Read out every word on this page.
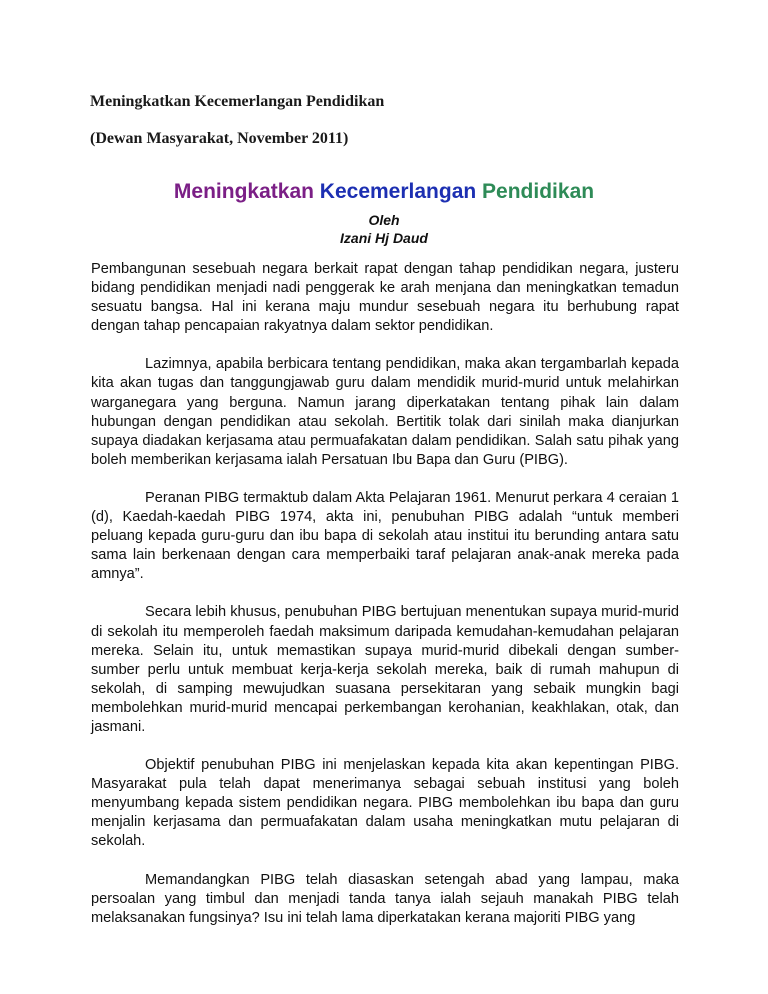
Meningkatkan Kecemerlangan Pendidikan
(Dewan Masyarakat, November 2011)
Meningkatkan Kecemerlangan Pendidikan
Oleh
Izani Hj Daud

Pembangunan sesebuah negara berkait rapat dengan tahap pendidikan negara, justeru bidang pendidikan menjadi nadi penggerak ke arah menjana dan meningkatkan temadun sesuatu bangsa. Hal ini kerana maju mundur sesebuah negara itu berhubung rapat dengan tahap pencapaian rakyatnya dalam sektor pendidikan.

Lazimnya, apabila berbicara tentang pendidikan, maka akan tergambarlah kepada kita akan tugas dan tanggungjawab guru dalam mendidik murid-murid untuk melahirkan warganegara yang berguna. Namun jarang diperkatakan tentang pihak lain dalam hubungan dengan pendidikan atau sekolah. Bertitik tolak dari sinilah maka dianjurkan supaya diadakan kerjasama atau permuafakatan dalam pendidikan. Salah satu pihak yang boleh memberikan kerjasama ialah Persatuan Ibu Bapa dan Guru (PIBG).

Peranan PIBG termaktub dalam Akta Pelajaran 1961. Menurut perkara 4 ceraian 1 (d), Kaedah-kaedah PIBG 1974, akta ini, penubuhan PIBG adalah “untuk memberi peluang kepada guru-guru dan ibu bapa di sekolah atau institui itu berunding antara satu sama lain berkenaan dengan cara memperbaiki taraf pelajaran anak-anak mereka pada amnya”.

Secara lebih khusus, penubuhan PIBG bertujuan menentukan supaya murid-murid di sekolah itu memperoleh faedah maksimum daripada kemudahan-kemudahan pelajaran mereka. Selain itu, untuk memastikan supaya murid-murid dibekali dengan sumber-sumber perlu untuk membuat kerja-kerja sekolah mereka, baik di rumah mahupun di sekolah, di samping mewujudkan suasana persekitaran yang sebaik mungkin bagi membolehkan murid-murid mencapai perkembangan kerohanian, keakhlakan, otak, dan jasmani.

Objektif penubuhan PIBG ini menjelaskan kepada kita akan kepentingan PIBG. Masyarakat pula telah dapat menerimanya sebagai sebuah institusi yang boleh menyumbang kepada sistem pendidikan negara. PIBG membolehkan ibu bapa dan guru menjalin kerjasama dan permuafakatan dalam usaha meningkatkan mutu pelajaran di sekolah.

Memandangkan PIBG telah diasaskan setengah abad yang lampau, maka persoalan yang timbul dan menjadi tanda tanya ialah sejauh manakah PIBG telah melaksanakan fungsinya? Isu ini telah lama diperkatakan kerana majoriti PIBG yang
